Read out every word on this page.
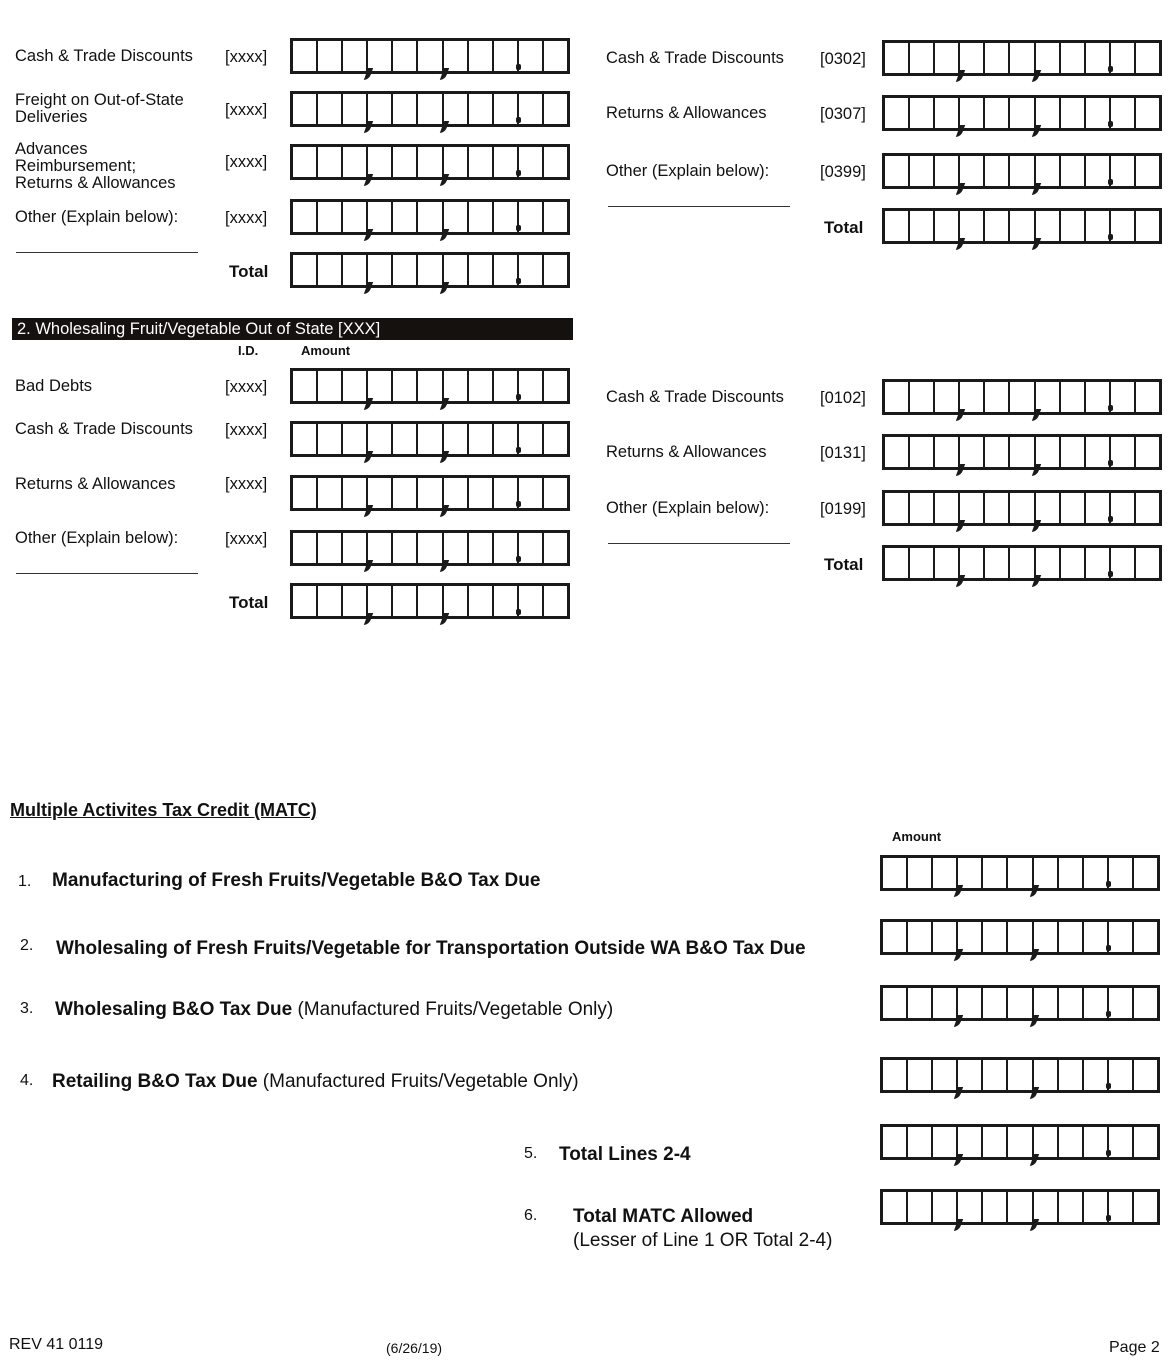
Cash & Trade Discounts [xxxx]
Freight on Out-of-State
Deliveries	[xxxx]
Advances
Reimbursement;
Returns & Allowances
[xxxx]
Other (Explain below):	[xxxx]
Total
Cash & Trade Discounts [0302]
Returns & Allowances	[0307]
Other (Explain below):	[0399]
Total
2. Wholesaling Fruit/Vegetable Out of State [XXX]
I.D.	Amount
Bad Debts	[xxxx]
Cash & Trade Discounts [xxxx]
Returns & Allowances	[xxxx]
Other (Explain below):	[xxxx]
Total
Cash & Trade Discounts [0102]
Returns & Allowances	[0131]
Other (Explain below):	[0199]
Total
Multiple Activites Tax Credit (MATC)
Amount
1. Manufacturing of Fresh Fruits/Vegetable B&O Tax Due
2. Wholesaling of Fresh Fruits/Vegetable for Transportation Outside WA B&O Tax Due
3. Wholesaling B&O Tax Due (Manufactured Fruits/Vegetable Only)
4. Retailing B&O Tax Due (Manufactured Fruits/Vegetable Only)
5. Total Lines 2-4
6. Total MATC Allowed
(Lesser of Line 1 OR Total 2-4)
REV 41 0119	(6/26/19)	Page 2
